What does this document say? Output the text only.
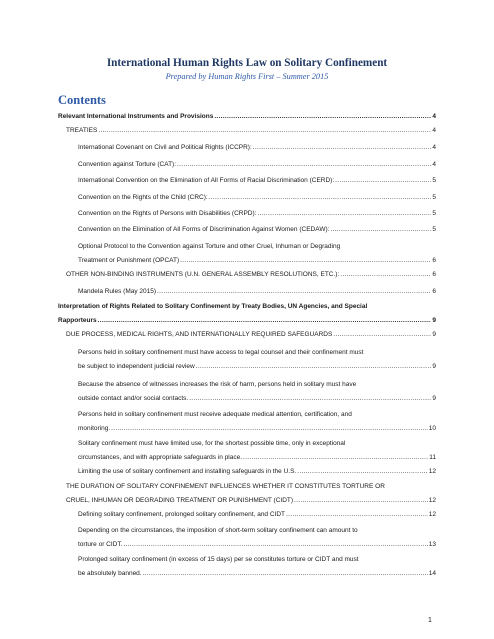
International Human Rights Law on Solitary Confinement
Prepared by Human Rights First – Summer 2015
Contents
Relevant International Instruments and Provisions .....	4
TREATIES .....	4
International Covenant on Civil and Political Rights (ICCPR): .....	4
Convention against Torture (CAT): .....	4
International Convention on the Elimination of All Forms of Racial Discrimination (CERD): .....	5
Convention on the Rights of the Child (CRC): .....	5
Convention on the Rights of Persons with Disabilities (CRPD): .....	5
Convention on the Elimination of All Forms of Discrimination Against Women (CEDAW): .....	5
Optional Protocol to the Convention against Torture and other Cruel, Inhuman or Degrading
Treatment or Punishment (OPCAT) .....	6
OTHER NON-BINDING INSTRUMENTS (U.N. GENERAL ASSEMBLY RESOLUTIONS, ETC.): .....	6
Mandela Rules (May 2015) .....	6
Interpretation of Rights Related to Solitary Confinement by Treaty Bodies, UN Agencies, and Special
Rapporteurs .....	9
DUE PROCESS, MEDICAL RIGHTS, AND INTERNATIONALLY REQUIRED SAFEGUARDS .....	9
Persons held in solitary confinement must have access to legal counsel and their confinement must
be subject to independent judicial review .....	9
Because the absence of witnesses increases the risk of harm, persons held in solitary must have
outside contact and/or social contacts. .....	9
Persons held in solitary confinement must receive adequate medical attention, certification, and
monitoring. .....	10
Solitary confinement must have limited use, for the shortest possible time, only in exceptional
circumstances, and with appropriate safeguards in place. .....	11
Limiting the use of solitary confinement and installing safeguards in the U.S. .....	12
THE DURATION OF SOLITARY CONFINEMENT INFLUENCES WHETHER IT CONSTITUTES TORTURE OR
CRUEL, INHUMAN OR DEGRADING TREATMENT OR PUNISHMENT (CIDT) .....	12
Defining solitary confinement, prolonged solitary confinement, and CIDT .....	12
Depending on the circumstances, the imposition of short-term solitary confinement can amount to
torture or CIDT. .....	13
Prolonged solitary confinement (in excess of 15 days) per se constitutes torture or CIDT and must
be absolutely banned. .....	14
1
